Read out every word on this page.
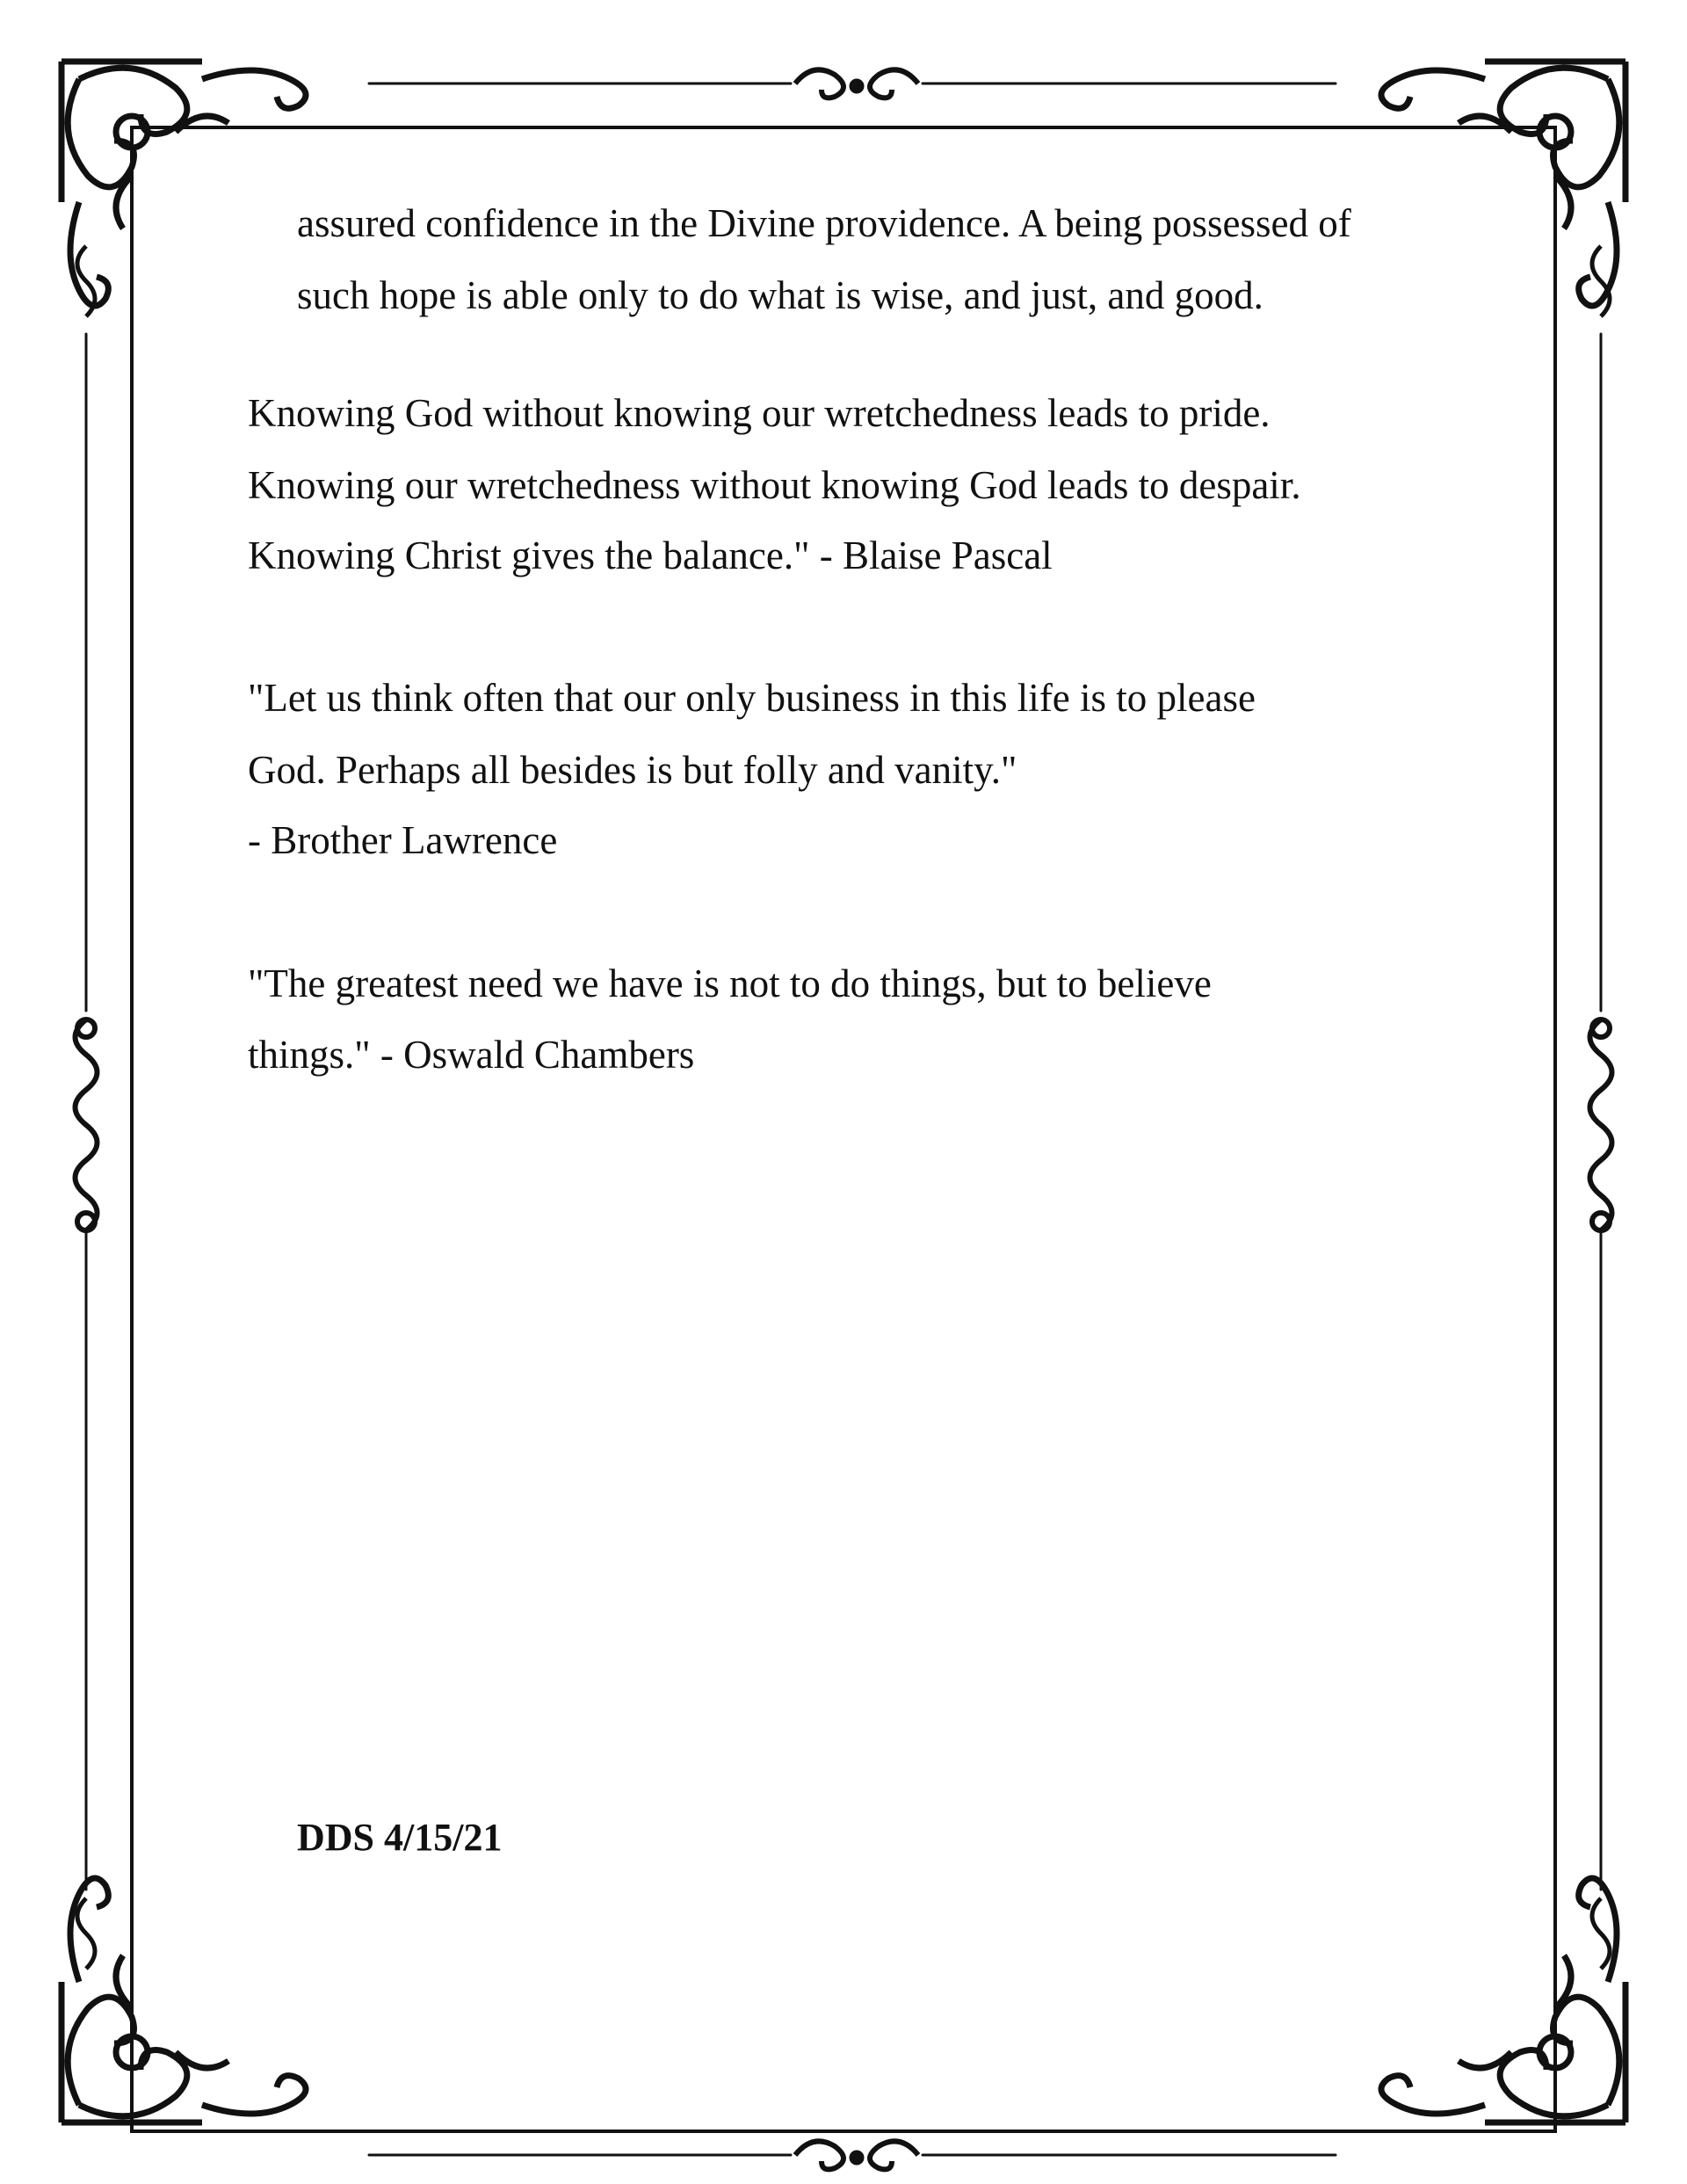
assured confidence in the Divine providence. A being possessed of
such hope is able only to do what is wise, and just, and good.
Knowing God without knowing our wretchedness leads to pride.
Knowing our wretchedness without knowing God leads to despair.
Knowing Christ gives the balance." - Blaise Pascal
"Let us think often that our only business in this life is to please
God. Perhaps all besides is but folly and vanity."
- Brother Lawrence
"The greatest need we have is not to do things, but to believe
things." - Oswald Chambers
DDS 4/15/21
